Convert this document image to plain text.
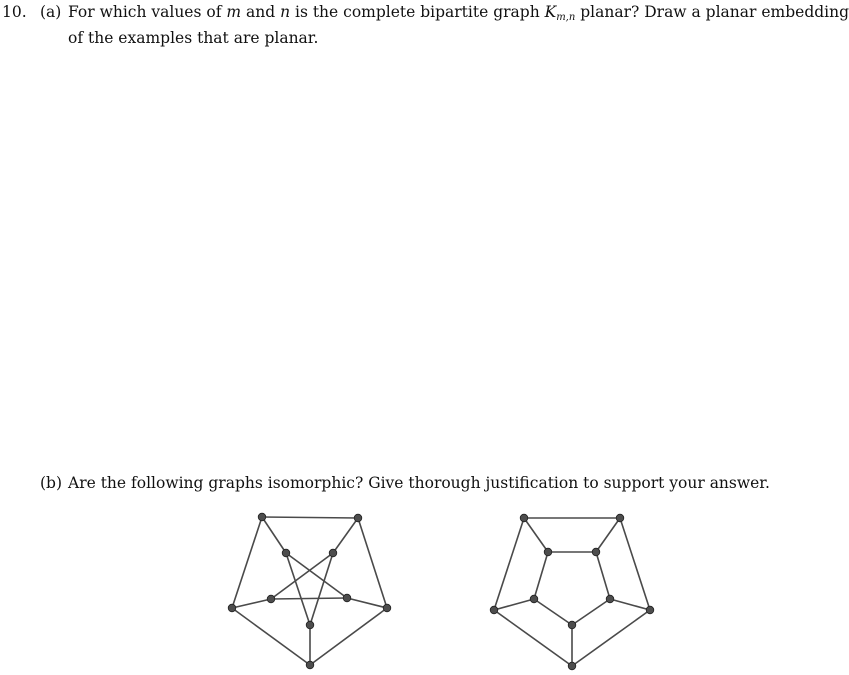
10. (a) For which values of m and n is the complete bipartite graph $K_{m,n}$ planar? Draw a planar embedding
of the examples that are planar.
(b) Are the following graphs isomorphic? Give thorough justification to support your answer.
